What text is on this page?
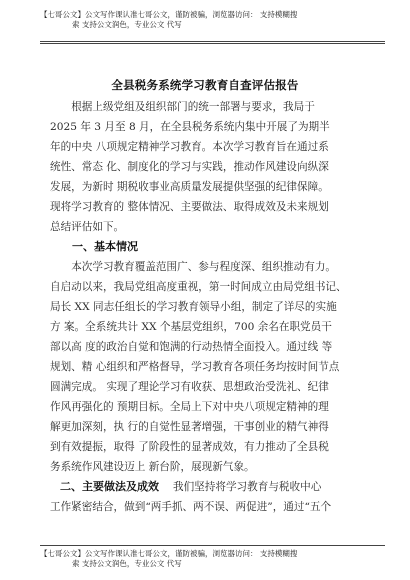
【七哥公文】公文写作课认准七哥公文，谨防被骗，浏览器访问： 支持模糊搜
索 支持公文润色，专业公文 代写
全县税务系统学习教育自查评估报告

根据上级党组及组织部门的统一部署与要求，我局于

2025 年 3 月至 8 月，在全县税务系统内集中开展了为期半

年的中央 八项规定精神学习教育。本次学习教育旨在通过系

统性、常态 化、制度化的学习与实践，推动作风建设向纵深

发展，为新时 期税收事业高质量发展提供坚强的纪律保障。

现将学习教育的 整体情况、主要做法、取得成效及未来规划

总结评估如下。

一、基本情况

本次学习教育覆盖范围广、参与程度深、组织推动有力。

自启动以来，我局党组高度重视，第一时间成立由局党组书记、

局长 XX 同志任组长的学习教育领导小组，制定了详尽的实施

方 案。全系统共计 XX 个基层党组织，700 余名在职党员干

部以高 度的政治自觉和饱满的行动热情全面投入。通过线 等

规划、精 心组织和严格督导，学习教育各项任务均按时间节点

圆满完成。 实现了理论学习有收获、思想政治受洗礼、纪律

作风再强化的 预期目标。全局上下对中央八项规定精神的理

解更加深刻，执 行的自觉性显著增强，干事创业的精气神得

到有效提振，取得 了阶段性的显著成效，有力推动了全县税

务系统作风建设迈上 新台阶，展现新气象。

二、主要做法及成效 我们坚持将学习教育与税收中心

工作紧密结合，做到“两手抓、两不误、两促进”，通过“五个

【七哥公文】公文写作课认准七哥公文，谨防被骗，浏览器访问： 支持模糊搜
索 支持公文润色，专业公文 代写
